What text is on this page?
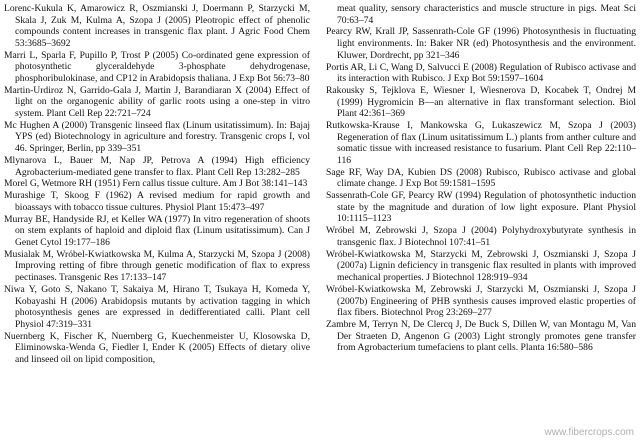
Lorenc-Kukula K, Amarowicz R, Oszmianski J, Doermann P, Starzycki M, Skala J, Zuk M, Kulma A, Szopa J (2005) Pleotropic effect of phenolic compounds content increases in transgenic flax plant. J Agric Food Chem 53:3685–3692

Marri L, Sparla F, Pupillo P, Trost P (2005) Co-ordinated gene expression of photosynthetic glyceraldehyde 3-phosphate dehydrogenase, phosphoribulokinase, and CP12 in Arabidopsis thaliana. J Exp Bot 56:73–80

Martin-Urdiroz N, Garrido-Gala J, Martin J, Barandiaran X (2004) Effect of light on the organogenic ability of garlic roots using a one-step in vitro system. Plant Cell Rep 22:721–724

Mc Hughen A (2000) Transgenic linseed flax (Linum usitatissimum). In: Bajaj YPS (ed) Biotechnology in agriculture and forestry. Transgenic crops I, vol 46. Springer, Berlin, pp 339–351

Mlynarova L, Bauer M, Nap JP, Petrova A (1994) High efficiency Agrobacterium-mediated gene transfer to flax. Plant Cell Rep 13:282–285

Morel G, Wetmore RH (1951) Fern callus tissue culture. Am J Bot 38:141–143

Murashige T, Skoog F (1962) A revised medium for rapid growth and bioassays with tobacco tissue cultures. Physiol Plant 15:473–497

Murray BE, Handyside RJ, et Keller WA (1977) In vitro regeneration of shoots on stem explants of haploid and diploid flax (Linum usitatissimum). Can J Genet Cytol 19:177–186

Musialak M, Wróbel-Kwiatkowska M, Kulma A, Starzycki M, Szopa J (2008) Improving retting of fibre through genetic modification of flax to express pectinases. Transgenic Res 17:133–147

Niwa Y, Goto S, Nakano T, Sakaiya M, Hirano T, Tsukaya H, Komeda Y, Kobayashi H (2006) Arabidopsis mutants by activation tagging in which photosynthesis genes are expressed in dedifferentiated calli. Plant cell Physiol 47:319–331

Nuernberg K, Fischer K, Nuernberg G, Kuechenmeister U, Klosowska D, Eliminowska-Wenda G, Fiedler I, Ender K (2005) Effects of dietary olive and linseed oil on lipid composition,

meat quality, sensory characteristics and muscle structure in pigs. Meat Sci 70:63–74

Pearcy RW, Krall JP, Sassenrath-Cole GF (1996) Photosynthesis in fluctuating light environments. In: Baker NR (ed) Photosynthesis and the environment. Kluwer, Dordrecht, pp 321–346

Portis AR, Li C, Wang D, Salvucci E (2008) Regulation of Rubisco activase and its interaction with Rubisco. J Exp Bot 59:1597–1604

Rakousky S, Tejklova E, Wiesner I, Wiesnerova D, Kocabek T, Ondrej M (1999) Hygromicin B—an alternative in flax transformant selection. Biol Plant 42:361–369

Rutkowska-Krause I, Mankowska G, Lukaszewicz M, Szopa J (2003) Regeneration of flax (Linum usitatissimum L.) plants from anther culture and somatic tissue with increased resistance to fusarium. Plant Cell Rep 22:110–116

Sage RF, Way DA, Kubien DS (2008) Rubisco, Rubisco activase and global climate change. J Exp Bot 59:1581–1595

Sassenrath-Cole GF, Pearcy RW (1994) Regulation of photosynthetic induction state by the magnitude and duration of low light exposure. Plant Physiol 10:1115–1123

Wróbel M, Zebrowski J, Szopa J (2004) Polyhydroxybutyrate synthesis in transgenic flax. J Biotechnol 107:41–51

Wróbel-Kwiatkowska M, Starzycki M, Zebrowski J, Oszmianski J, Szopa J (2007a) Lignin deficiency in transgenic flax resulted in plants with improved mechanical properties. J Biotechnol 128:919–934

Wróbel-Kwiatkowska M, Zebrowski J, Starzycki M, Oszmianski J, Szopa J (2007b) Engineering of PHB synthesis causes improved elastic properties of flax fibers. Biotechnol Prog 23:269–277

Zambre M, Terryn N, De Clercq J, De Buck S, Dillen W, van Montagu M, Van Der Straeten D, Angenon G (2003) Light strongly promotes gene transfer from Agrobacterium tumefaciens to plant cells. Planta 16:580–586

www.fibercrops.com
